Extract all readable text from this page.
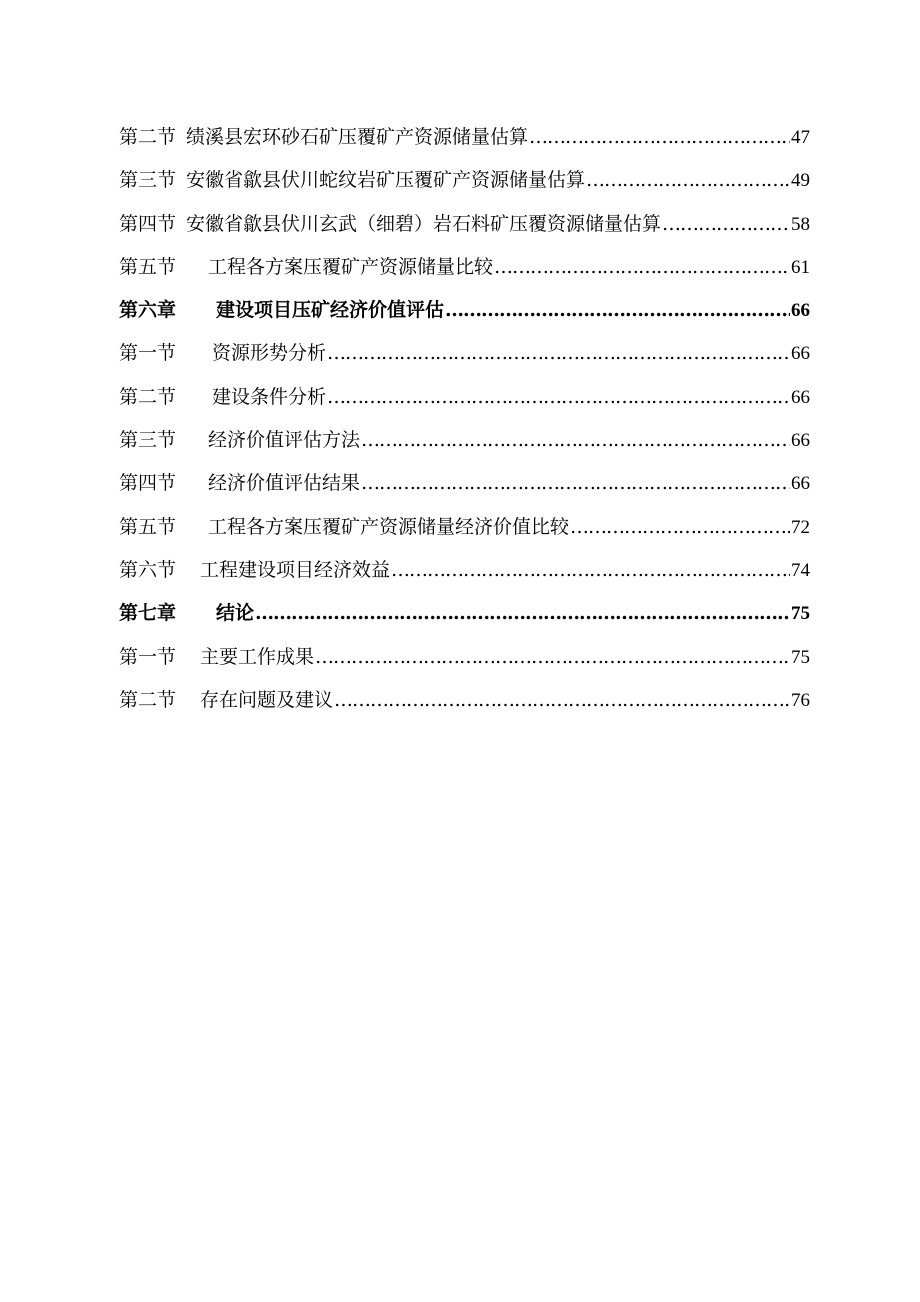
第二节 绩溪县宏环砂石矿压覆矿产资源储量估算 …………………………………………………………………………………………………………………………………………………………………………	47
第三节 安徽省歙县伏川蛇纹岩矿压覆矿产资源储量估算 …………………………………………………………………………………………………………………………………………………………………………	49
第四节 安徽省歙县伏川玄武（细碧）岩石料矿压覆资源储量估算 …………………………………………………………………………………………………………………………………………………………………………	58
第五节 工程各方案压覆矿产资源储量比较 …………………………………………………………………………………………………………………………………………………………………………	61
第六章 建设项目压矿经济价值评估 …………………………………………………………………………………………………………………………………………………………………………	66
第一节 资源形势分析 …………………………………………………………………………………………………………………………………………………………………………	66
第二节 建设条件分析 …………………………………………………………………………………………………………………………………………………………………………	66
第三节 经济价值评估方法 …………………………………………………………………………………………………………………………………………………………………………	66
第四节 经济价值评估结果 …………………………………………………………………………………………………………………………………………………………………………	66
第五节 工程各方案压覆矿产资源储量经济价值比较 …………………………………………………………………………………………………………………………………………………………………………	72
第六节 工程建设项目经济效益 …………………………………………………………………………………………………………………………………………………………………………	74
第七章 结论 …………………………………………………………………………………………………………………………………………………………………………	75
第一节 主要工作成果 …………………………………………………………………………………………………………………………………………………………………………	75
第二节 存在问题及建议 …………………………………………………………………………………………………………………………………………………………………………	76
